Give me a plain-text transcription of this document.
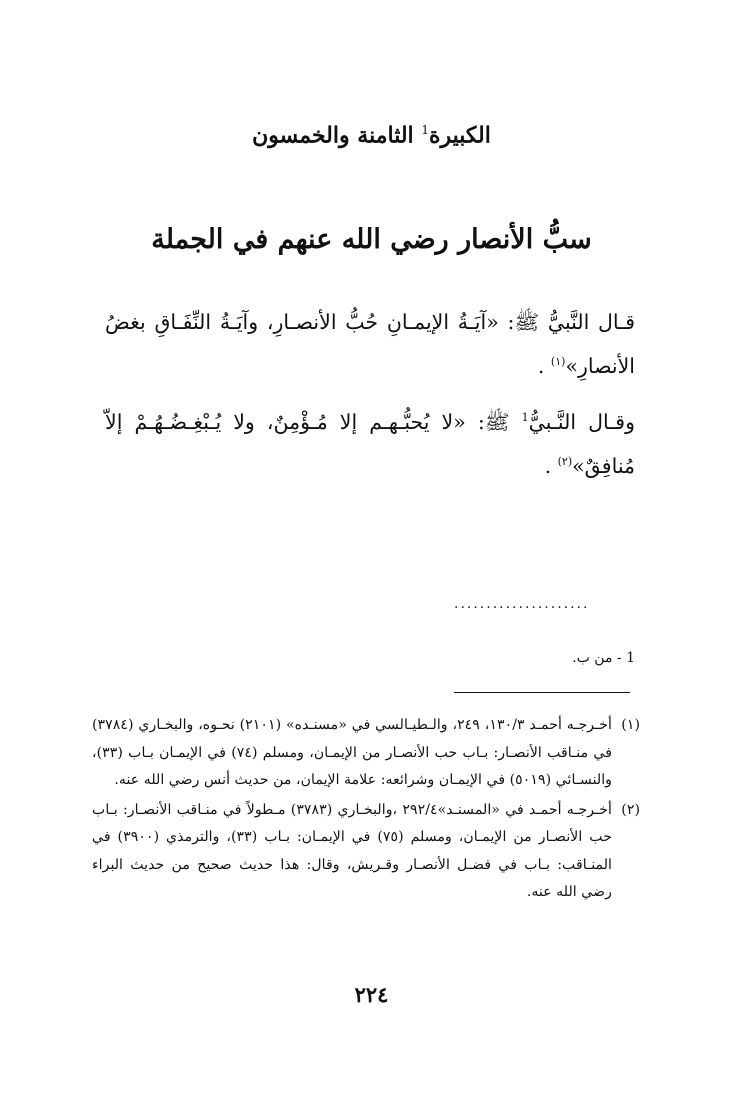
الكبيرة$^1$ الثامنة والخمسون
سبُّ الأنصار رضي الله عنهم في الجملة

قـال النَّبيُّ ﷺ: «آيَـةُ الإيمـانِ حُبُّ الأنصـارِ، وآيَـةُ النِّفَـاقِ بغضُ الأنصارِ»$^{(١)}$ .

وقـال النَّـبيُّ$^1$ ﷺ: «لا يُحبُّـهـم إلا مُـؤْمِنٌ، ولا يُـبْغِـضُـهُـمْ إلاّ مُنافِقٌ»$^{(٢)}$ .

.....................
1 - من ب.
(١)
أخـرجـه أحمـد ١٣٠/٣، ٢٤٩، والـطيـالسي في «مسنـده» (٢١٠١) نحـوه، والبخـاري (٣٧٨٤) في منـاقب الأنصـار: بـاب حب الأنصـار من الإيمـان، ومسلم (٧٤) في الإيمـان بـاب (٣٣)، والنسـائي (٥٠١٩) في الإيمـان وشرائعه: علامة الإيمان، من حديث أنس رضي الله عنه.
(٢)
أخـرجـه أحمـد في «المسنـد»٢٩٢/٤ ،والبخـاري (٣٧٨٣) مـطولاً في منـاقب الأنصـار: بـاب حب الأنصـار من الإيمـان، ومسلم (٧٥) في الإيمـان: بـاب (٣٣)، والترمذي (٣٩٠٠) في المنـاقب: بـاب في فضـل الأنصـار وقـريش، وقال: هذا حديث صحيح من حديث البراء رضي الله عنه.
٢٢٤
